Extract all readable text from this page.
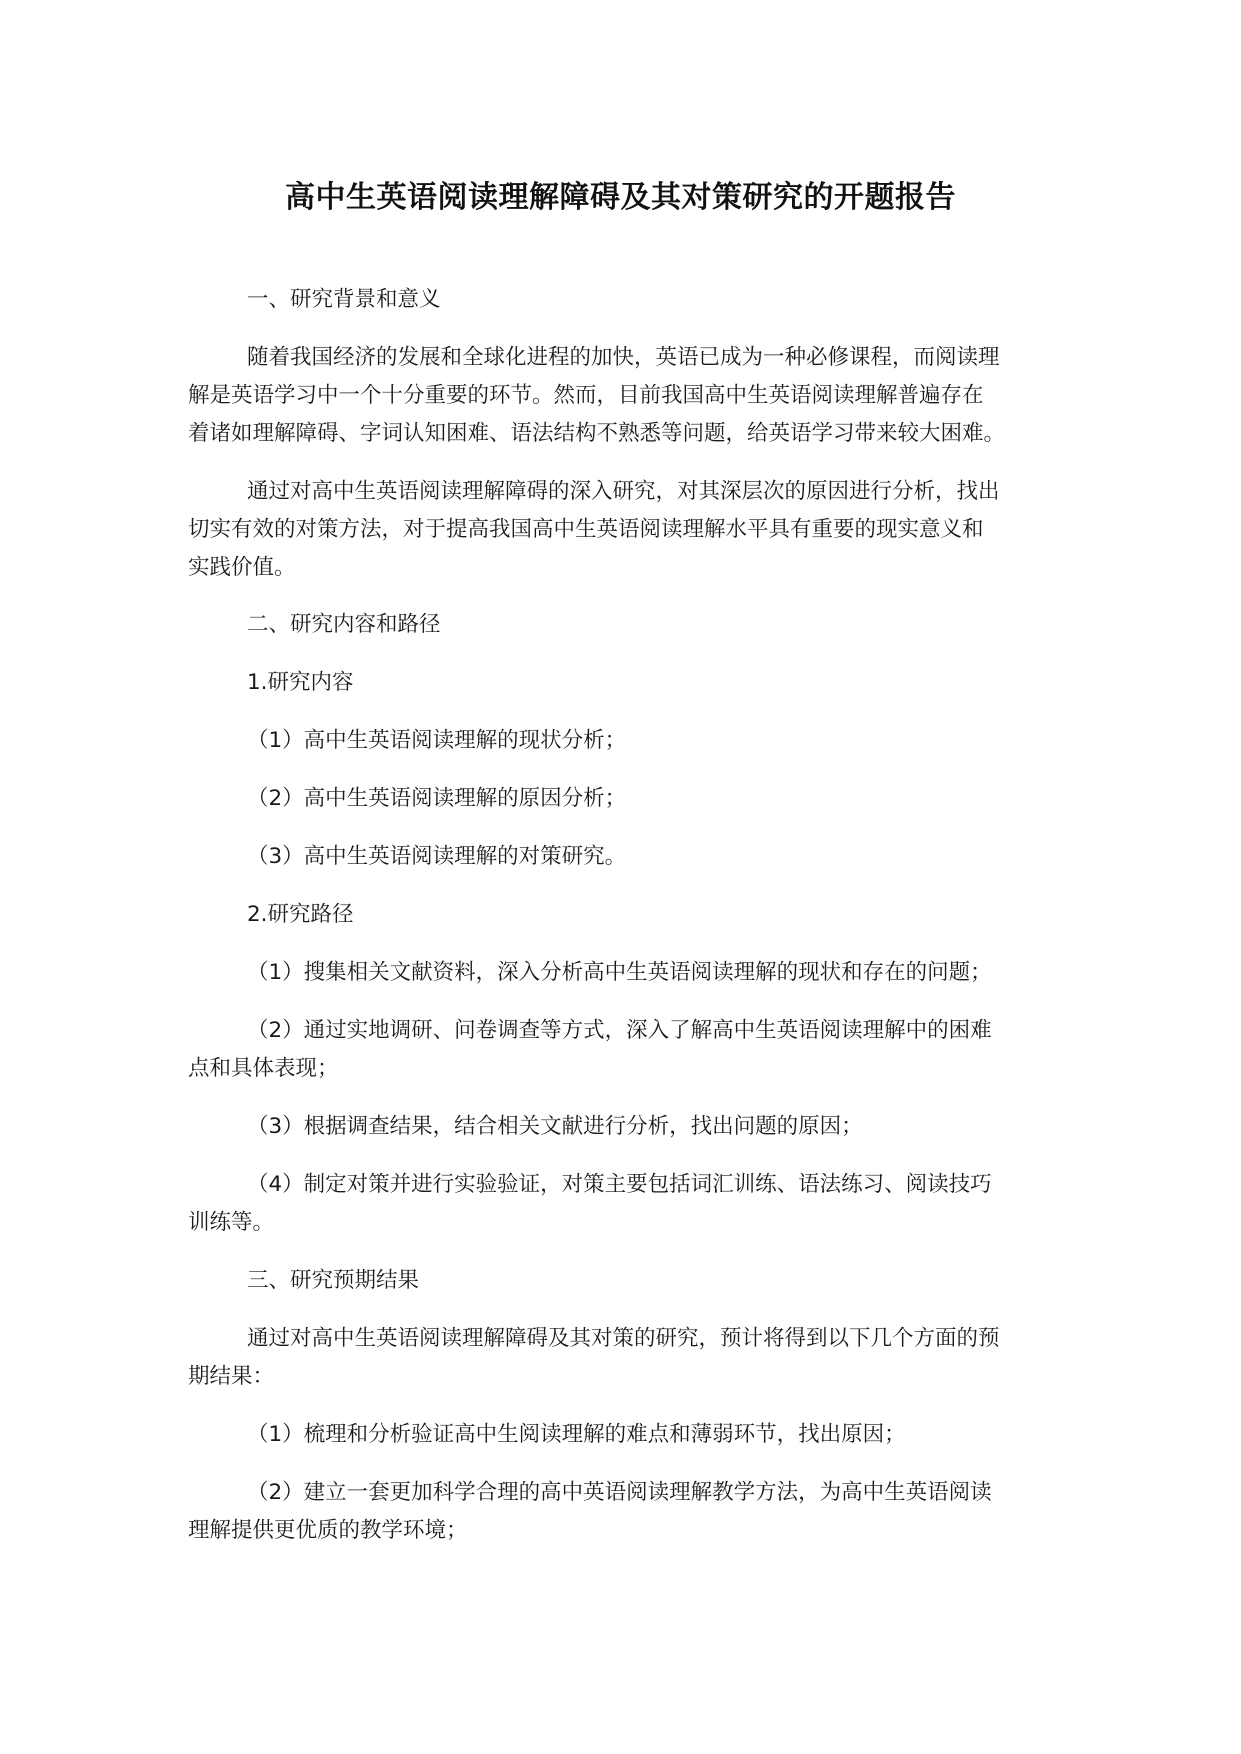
高中生英语阅读理解障碍及其对策研究的开题报告
一、研究背景和意义
随着我国经济的发展和全球化进程的加快，英语已成为一种必修课程，而阅读理
解是英语学习中一个十分重要的环节。然而，目前我国高中生英语阅读理解普遍存在
着诸如理解障碍、字词认知困难、语法结构不熟悉等问题，给英语学习带来较大困难。
通过对高中生英语阅读理解障碍的深入研究，对其深层次的原因进行分析，找出
切实有效的对策方法，对于提高我国高中生英语阅读理解水平具有重要的现实意义和
实践价值。
二、研究内容和路径
1.研究内容
（1）高中生英语阅读理解的现状分析；
（2）高中生英语阅读理解的原因分析；
（3）高中生英语阅读理解的对策研究。
2.研究路径
（1）搜集相关文献资料，深入分析高中生英语阅读理解的现状和存在的问题；
（2）通过实地调研、问卷调查等方式，深入了解高中生英语阅读理解中的困难
点和具体表现；
（3）根据调查结果，结合相关文献进行分析，找出问题的原因；
（4）制定对策并进行实验验证，对策主要包括词汇训练、语法练习、阅读技巧
训练等。
三、研究预期结果
通过对高中生英语阅读理解障碍及其对策的研究，预计将得到以下几个方面的预
期结果：
（1）梳理和分析验证高中生阅读理解的难点和薄弱环节，找出原因；
（2）建立一套更加科学合理的高中英语阅读理解教学方法，为高中生英语阅读
理解提供更优质的教学环境；
